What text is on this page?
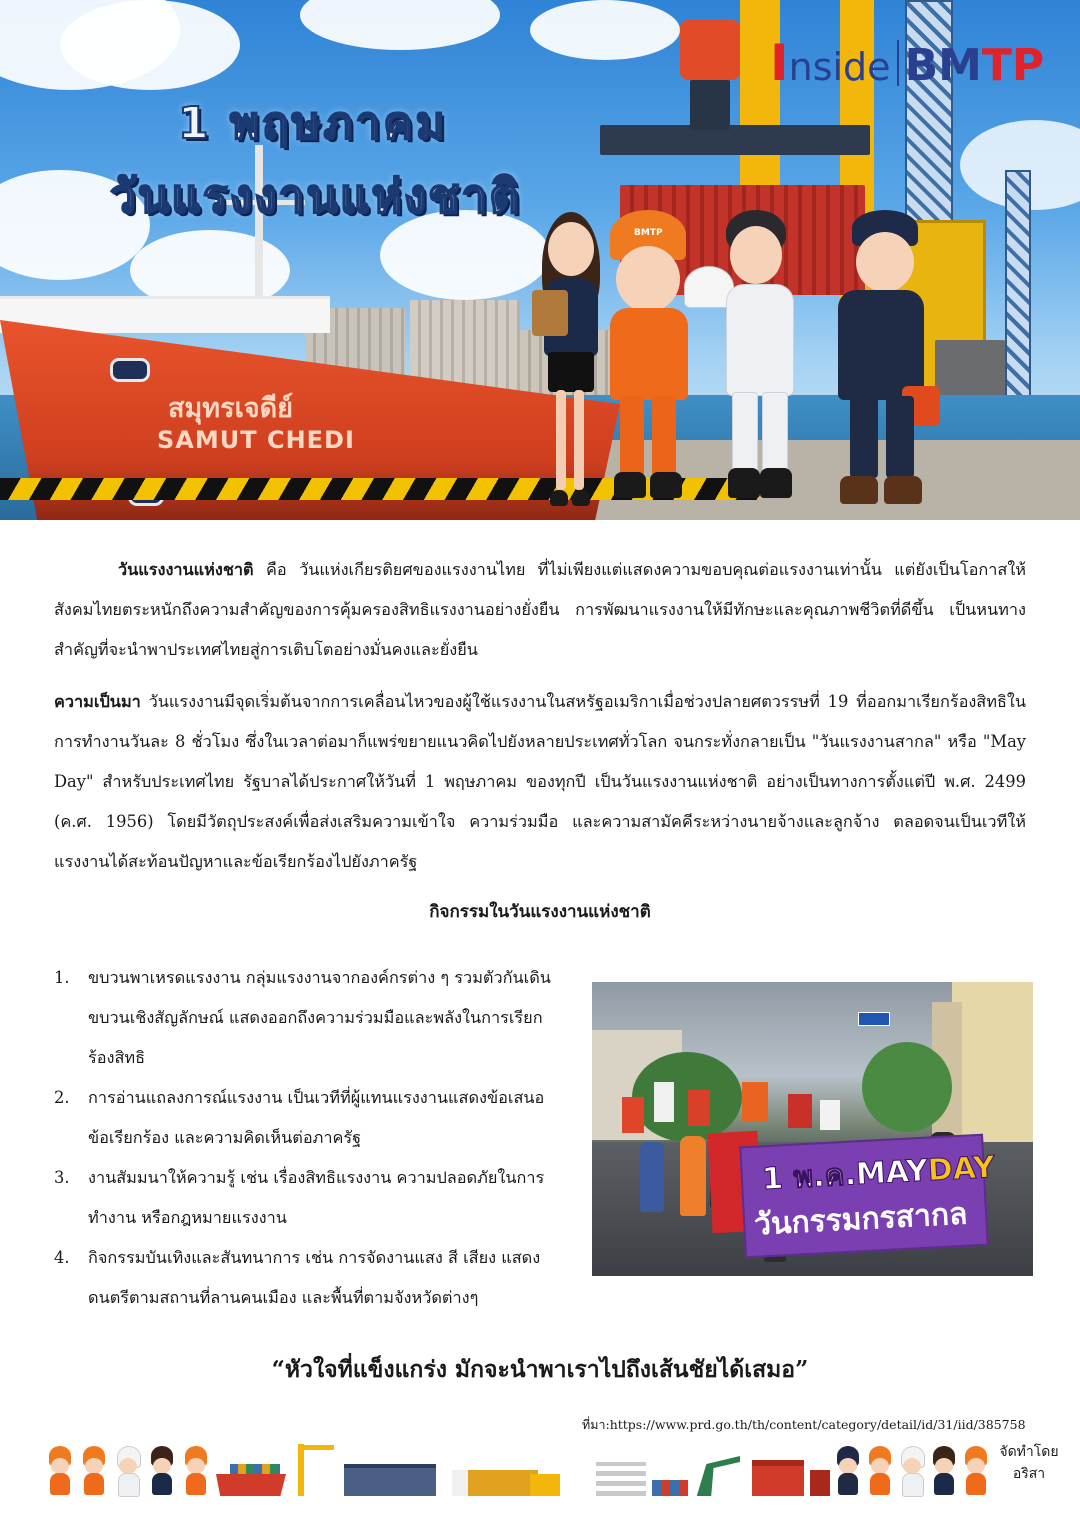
สมุทรเจดีย์
SAMUT CHEDI
1 พฤษภาคม
วันแรงงานแห่งชาติ
Inside BMTP
BMTP
วันแรงงานแห่งชาติ คือ วันแห่งเกียรติยศของแรงงานไทย ที่ไม่เพียงแต่แสดงความขอบคุณต่อแรงงานเท่านั้น แต่ยังเป็นโอกาสให้สังคมไทยตระหนักถึงความสำคัญของการคุ้มครองสิทธิแรงงานอย่างยั่งยืน การพัฒนาแรงงานให้มีทักษะและคุณภาพชีวิตที่ดีขึ้น เป็นหนทางสำคัญที่จะนำพาประเทศไทยสู่การเติบโตอย่างมั่นคงและยั่งยืน
ความเป็นมา วันแรงงานมีจุดเริ่มต้นจากการเคลื่อนไหวของผู้ใช้แรงงานในสหรัฐอเมริกาเมื่อช่วงปลายศตวรรษที่ 19 ที่ออกมาเรียกร้องสิทธิในการทำงานวันละ 8 ชั่วโมง ซึ่งในเวลาต่อมาก็แพร่ขยายแนวคิดไปยังหลายประเทศทั่วโลก จนกระทั่งกลายเป็น "วันแรงงานสากล" หรือ "May Day" สำหรับประเทศไทย รัฐบาลได้ประกาศให้วันที่ 1 พฤษภาคม ของทุกปี เป็นวันแรงงานแห่งชาติ อย่างเป็นทางการตั้งแต่ปี พ.ศ. 2499 (ค.ศ. 1956) โดยมีวัตถุประสงค์เพื่อส่งเสริมความเข้าใจ ความร่วมมือ และความสามัคคีระหว่างนายจ้างและลูกจ้าง ตลอดจนเป็นเวทีให้แรงงานได้สะท้อนปัญหาและข้อเรียกร้องไปยังภาครัฐ
กิจกรรมในวันแรงงานแห่งชาติ
1. ขบวนพาเหรดแรงงาน กลุ่มแรงงานจากองค์กรต่าง ๆ รวมตัวกันเดินขบวนเชิงสัญลักษณ์ แสดงออกถึงความร่วมมือและพลังในการเรียกร้องสิทธิ
2. การอ่านแถลงการณ์แรงงาน เป็นเวทีที่ผู้แทนแรงงานแสดงข้อเสนอ ข้อเรียกร้อง และความคิดเห็นต่อภาครัฐ
3. งานสัมมนาให้ความรู้ เช่น เรื่องสิทธิแรงงาน ความปลอดภัยในการทำงาน หรือกฎหมายแรงงาน
4. กิจกรรมบันเทิงและสันทนาการ เช่น การจัดงานแสง สี เสียง แสดงดนตรีตามสถานที่ลานคนเมือง และพื้นที่ตามจังหวัดต่างๆ
1 พ.ค.MAYDAY
วันกรรมกรสากล
“หัวใจที่แข็งแกร่ง มักจะนำพาเราไปถึงเส้นชัยได้เสมอ”
ที่มา:https://www.prd.go.th/th/content/category/detail/id/31/iid/385758
จัดทำโดย
อริสา
